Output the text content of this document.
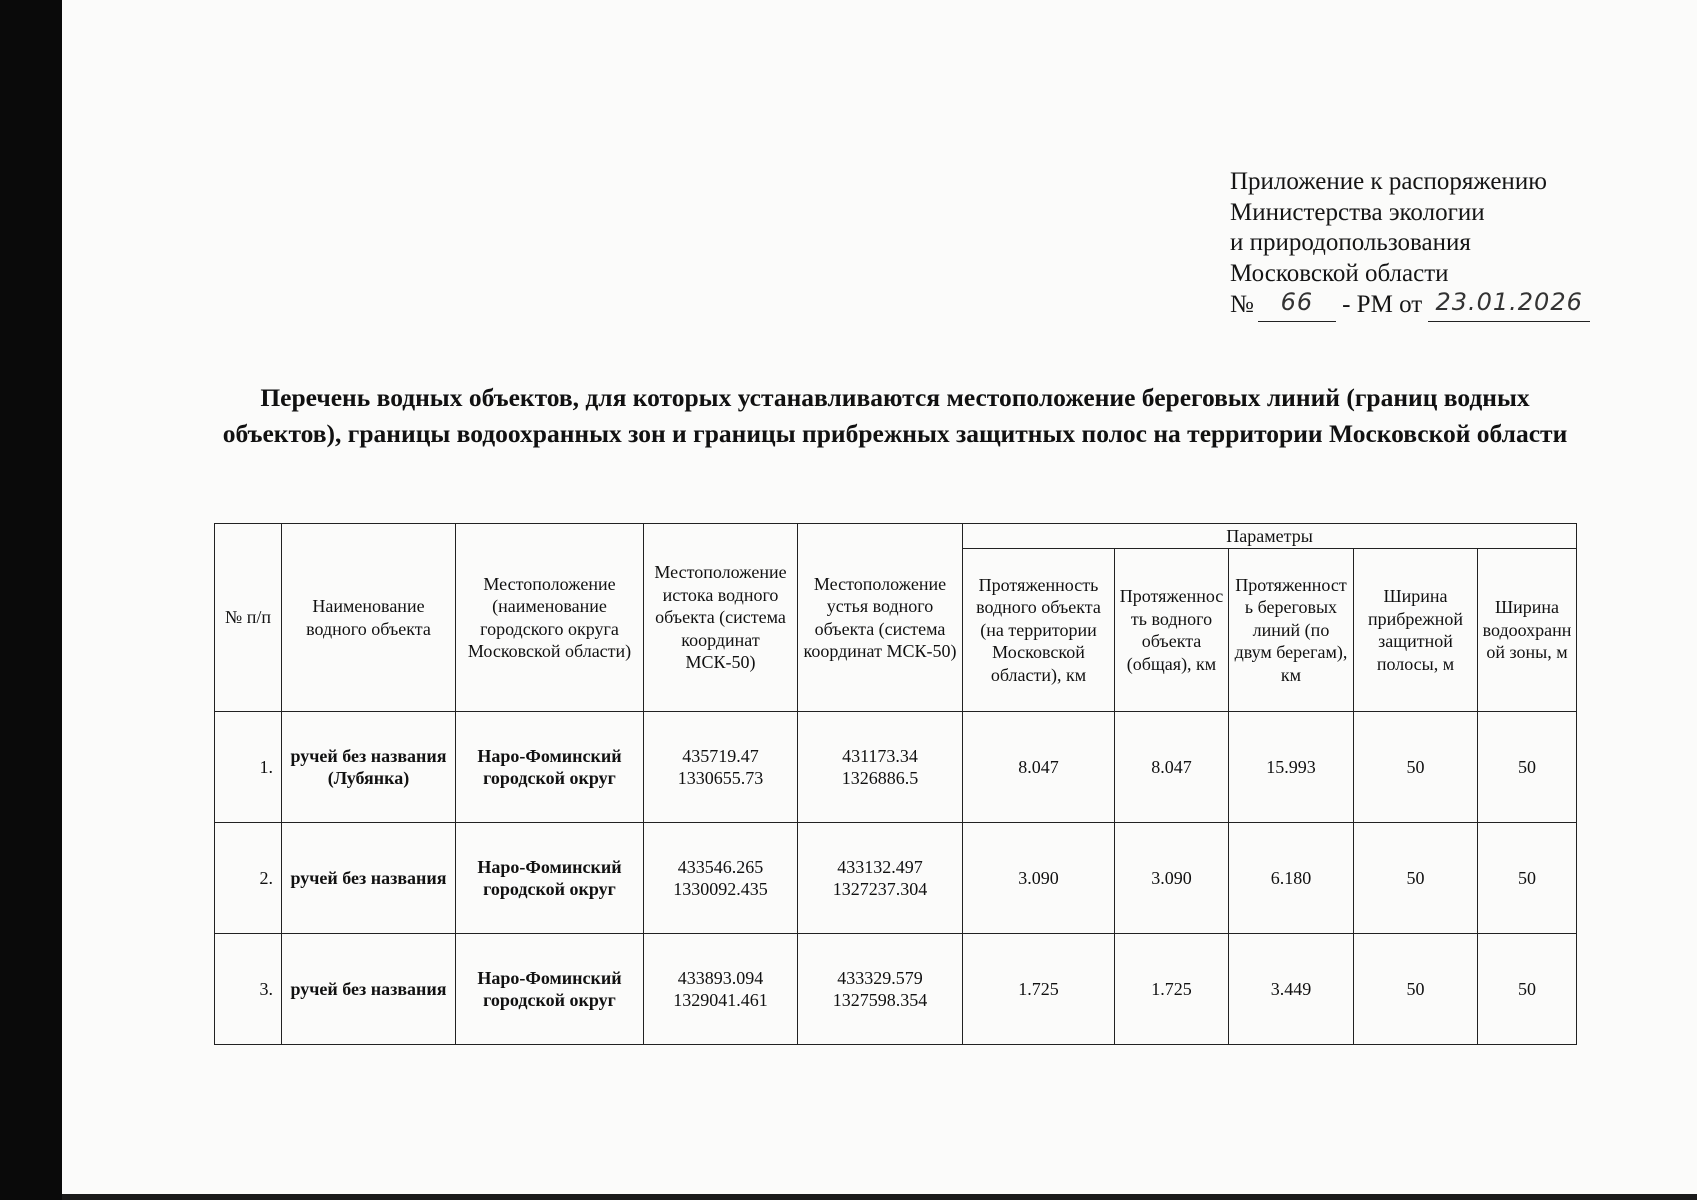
Приложение к распоряжению
Министерства экологии
и природопользования
Московской области
№ 66 - РМ от 23.01.2026
Перечень водных объектов, для которых устанавливаются местоположение береговых линий (границ водных объектов), границы водоохранных зон и границы прибрежных защитных полос на территории Московской области
№ п/п	Наименование водного объекта	Местоположение (наименование городского округа Московской области)	Местоположение истока водного объекта (система координат МСК-50)	Местоположение устья водного объекта (система координат МСК-50)	Параметры				
					Протяженность водного объекта (на территории Московской области), км	Протяженность водного объекта (общая), км	Протяженность береговых линий (по двум берегам), км	Ширина прибрежной защитной полосы, м	Ширина водоохранной зоны, м
1.	ручей без названия (Лубянка)	Наро-Фоминский городской округ	435719.47
1330655.73	431173.34
1326886.5	8.047	8.047	15.993	50	50
2.	ручей без названия	Наро-Фоминский городской округ	433546.265
1330092.435	433132.497
1327237.304	3.090	3.090	6.180	50	50
3.	ручей без названия	Наро-Фоминский городской округ	433893.094
1329041.461	433329.579
1327598.354	1.725	1.725	3.449	50	50
